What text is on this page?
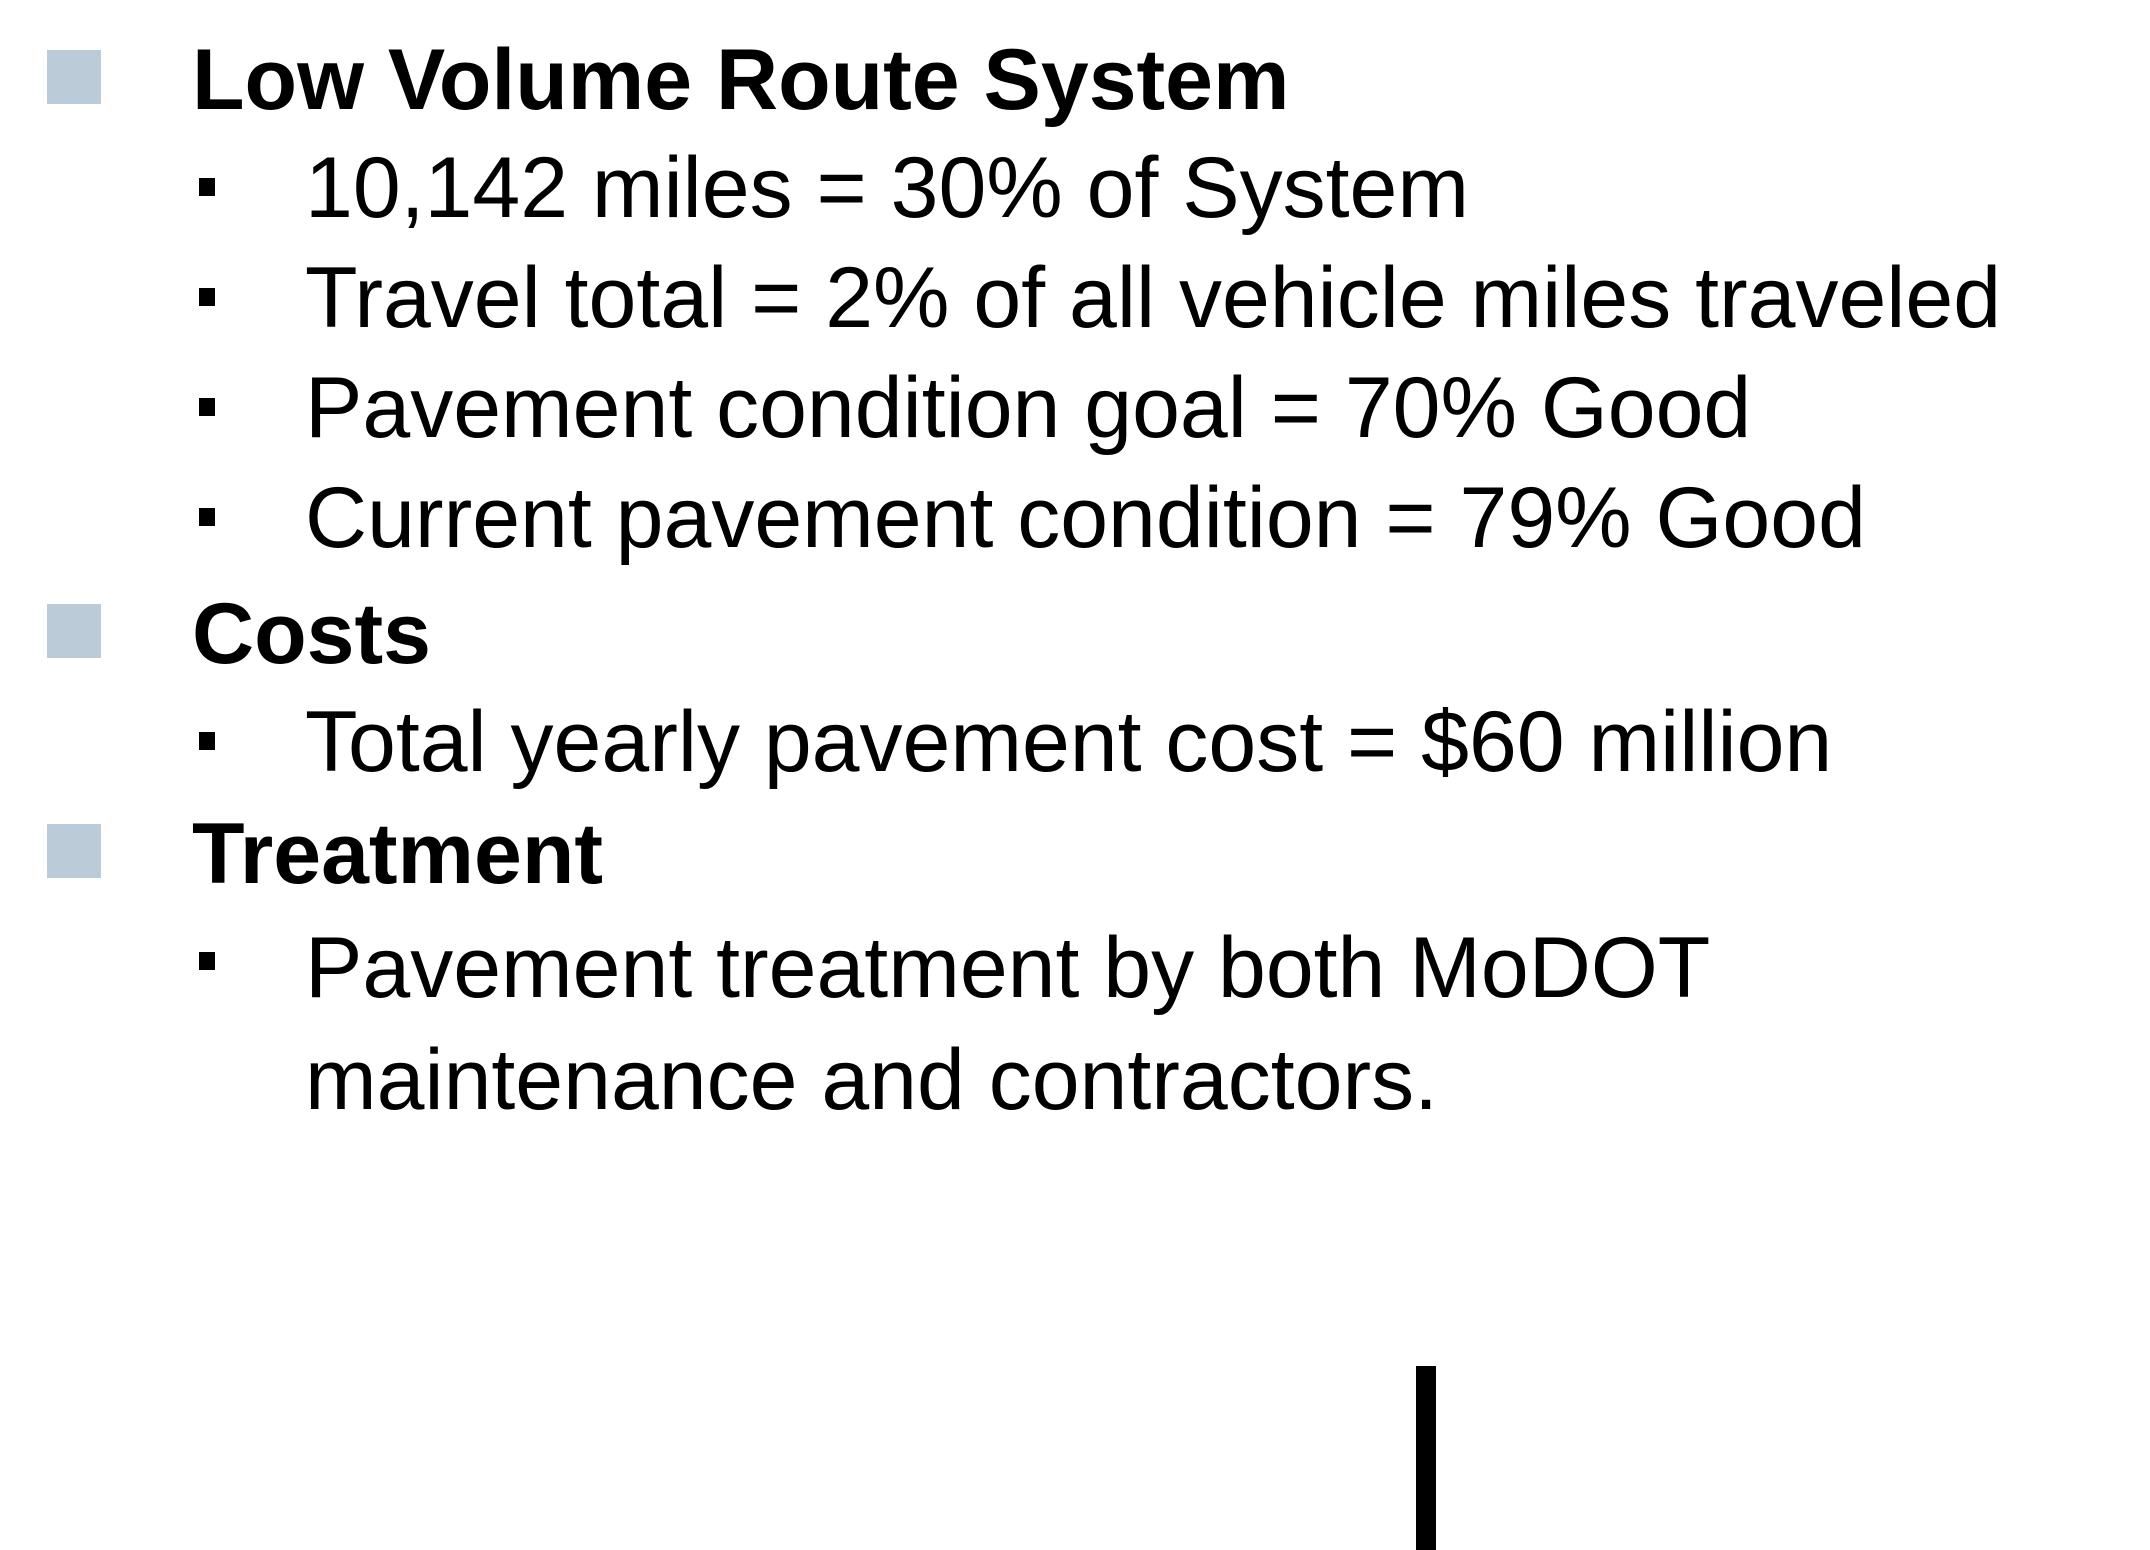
Low Volume Route System
10,142 miles = 30% of System
Travel total = 2% of all vehicle miles traveled
Pavement condition goal = 70% Good
Current pavement condition = 79% Good
Costs
Total yearly pavement cost = $60 million
Treatment
Pavement treatment by both MoDOT maintenance and contractors.
